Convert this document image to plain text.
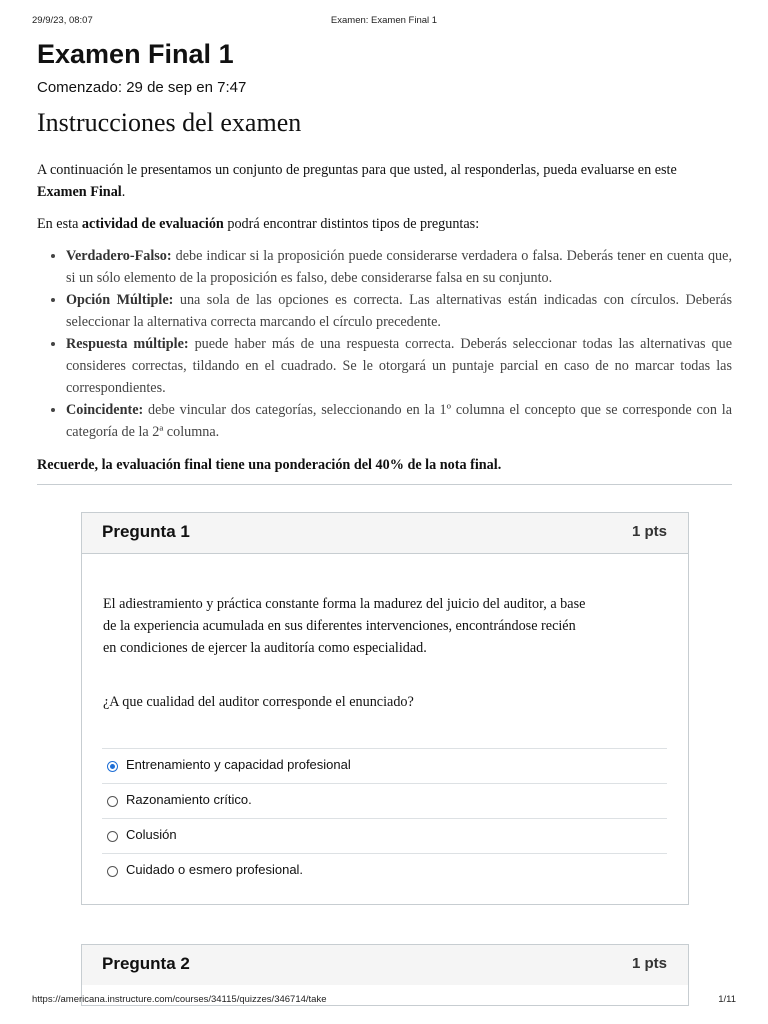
29/9/23, 08:07	Examen: Examen Final 1
Examen Final 1
Comenzado: 29 de sep en 7:47
Instrucciones del examen
A continuación le presentamos un conjunto de preguntas para que usted, al responderlas, pueda evaluarse en este Examen Final.
En esta actividad de evaluación podrá encontrar distintos tipos de preguntas:
• Verdadero-Falso: debe indicar si la proposición puede considerarse verdadera o falsa. Deberás tener en cuenta que, si un sólo elemento de la proposición es falso, debe considerarse falsa en su conjunto.
• Opción Múltiple: una sola de las opciones es correcta. Las alternativas están indicadas con círculos. Deberás seleccionar la alternativa correcta marcando el círculo precedente.
• Respuesta múltiple: puede haber más de una respuesta correcta. Deberás seleccionar todas las alternativas que consideres correctas, tildando en el cuadrado. Se le otorgará un puntaje parcial en caso de no marcar todas las correspondientes.
• Coincidente: debe vincular dos categorías, seleccionando en la 1º columna el concepto que se corresponde con la categoría de la 2ª columna.
Recuerde, la evaluación final tiene una ponderación del 40% de la nota final.
Pregunta 1	1 pts
El adiestramiento y práctica constante forma la madurez del juicio del auditor, a base de la experiencia acumulada en sus diferentes intervenciones, encontrándose recién en condiciones de ejercer la auditoría como especialidad.
¿A que cualidad del auditor corresponde el enunciado?
Entrenamiento y capacidad profesional
Razonamiento crítico.
Colusión
Cuidado o esmero profesional.
Pregunta 2	1 pts
https://americana.instructure.com/courses/34115/quizzes/346714/take	1/11
